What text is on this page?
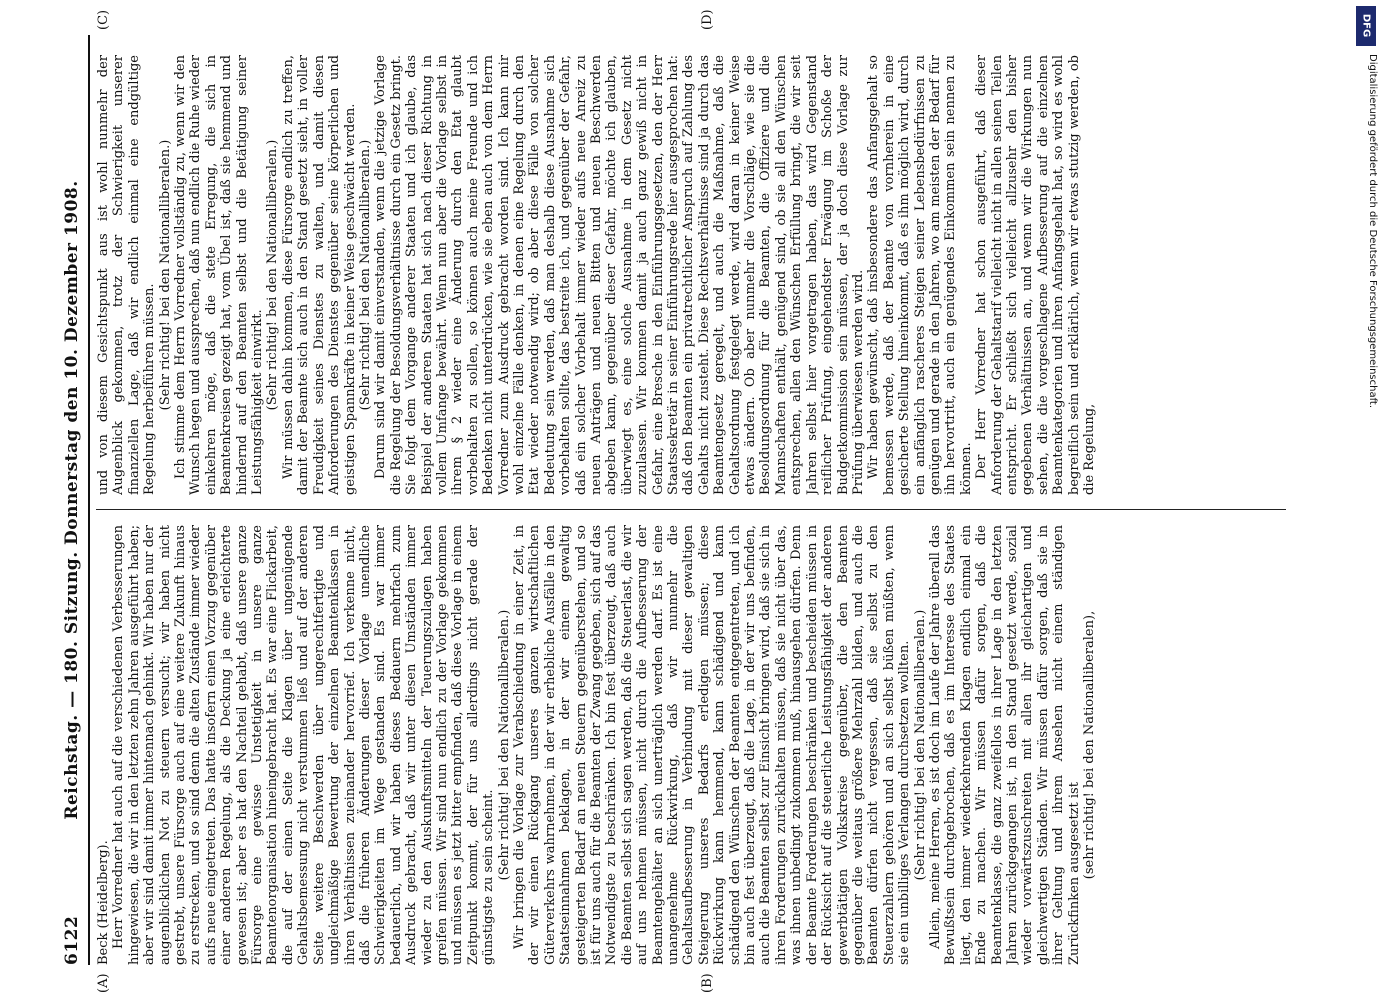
6122
Reichstag. — 180. Sitzung. Donnerstag den 10. Dezember 1908.

Beck (Heidelberg). Herr Vorredner hat auch auf die verschiedenen Verbesserungen hingewiesen, die wir in den letzten zehn Jahren ausgeführt haben; aber wir sind damit immer hintennach gehinkt. Wir haben nur der augenblicklichen Not zu steuern versucht; wir haben nicht gestrebt, unsere Fürsorge auch auf eine weitere Zukunft hinaus zu erstrecken, und so sind denn die alten Zustände immer wieder aufs neue eingetreten. Das hatte insofern einen Vorzug gegenüber einer anderen Regelung, als die Deckung ja eine erleichterte gewesen ist; aber es hat den Nachteil gehabt, daß unsere ganze Fürsorge eine gewisse Unstetigkeit in unsere ganze Beamtenorganisation hineingebracht hat. Es war eine Flickarbeit, die auf der einen Seite die Klagen über ungenügende Gehaltsbemessung nicht verstummen ließ und auf der anderen Seite weitere Beschwerden über ungerechtfertigte und ungleichmäßige Bewertung der einzelnen Beamtenklassen in ihren Verhältnissen zueinander hervorrief. Ich verkenne nicht, daß die früheren Änderungen dieser Vorlage unendliche Schwierigkeiten im Wege gestanden sind. Es war immer bedauerlich, und wir haben dieses Bedauern mehrfach zum Ausdruck gebracht, daß wir unter diesen Umständen immer wieder zu den Auskunftsmitteln der Teuerungszulagen haben greifen müssen. Wir sind nun endlich zu der Vorlage gekommen und müssen es jetzt bitter empfinden, daß diese Vorlage in einem Zeitpunkt kommt, der für uns allerdings nicht gerade der günstigste zu sein scheint. (Sehr richtig! bei den Nationalliberalen.) Wir bringen die Vorlage zur Verabschiedung in einer Zeit, in der wir einen Rückgang unseres ganzen wirtschaftlichen Güterverkehrs wahrnehmen, in der wir erhebliche Ausfälle in den Staatseinnahmen beklagen, in der wir einem gewaltig gesteigerten Bedarf an neuen Steuern gegenüberstehen, und so ist für uns auch für die Beamten der Zwang gegeben, sich auf das Notwendigste zu beschränken. Ich bin fest überzeugt, daß auch die Beamten selbst sich sagen werden, daß die Steuerlast, die wir auf uns nehmen müssen, nicht durch die Aufbesserung der Beamtengehälter an sich unerträglich werden darf. Es ist eine unangenehme Rückwirkung, daß wir nunmehr die Gehaltsaufbesserung in Verbindung mit dieser gewaltigen Steigerung unseres Bedarfs erledigen müssen; diese Rückwirkung kann hemmend, kann schädigend und kann schädigend den Wünschen der Beamten entgegentreten, und ich bin auch fest überzeugt, daß die Lage, in der wir uns befinden, auch die Beamten selbst zur Einsicht bringen wird, daß sie sich in ihren Forderungen zurückhalten müssen, daß sie nicht über das, was ihnen unbedingt zukommen muß, hinausgehen dürfen. Denn der Beamte Forderungen beschränken und bescheiden müssen in der Rücksicht auf die steuerliche Leistungsfähigkeit der anderen gewerbtätigen Volkskreise gegenüber, die den Beamten gegenüber die weitaus größere Mehrzahl bilden, und auch die Beamten dürfen nicht vergessen, daß sie selbst zu den Steuerzahlern gehören und an sich selbst büßen müßten, wenn sie ein unbilliges Verlangen durchsetzen wollten. (Sehr richtig! bei den Nationalliberalen.) Allein, meine Herren, es ist doch im Laufe der Jahre überall das Bewußtsein durchgebrochen, daß es im Interesse des Staates liegt, den immer wiederkehrenden Klagen endlich einmal ein Ende zu machen. Wir müssen dafür sorgen, daß die Beamtenklasse, die ganz zweifellos in ihrer Lage in den letzten Jahren zurückgegangen ist, in den Stand gesetzt werde, sozial wieder vorwärtszuschreiten mit allen ihr gleichartigen und gleichwertigen Ständen. Wir müssen dafür sorgen, daß sie in ihrer Geltung und ihrem Ansehen nicht einem ständigen Zurückfinken ausgesetzt ist (sehr richtig! bei den Nationalliberalen),

und von diesem Gesichtspunkt aus ist wohl nunmehr der Augenblick gekommen, trotz der Schwierigkeit unserer finanziellen Lage, daß wir endlich einmal eine endgültige Regelung herbeiführen müssen. (Sehr richtig! bei den Nationalliberalen.) Ich stimme dem Herrn Vorredner vollständig zu, wenn wir den Wunsch hegen und aussprechen, daß nun endlich die Ruhe wieder einkehren möge, daß die stete Erregung, die sich in Beamtenkreisen gezeigt hat, vom Übel ist, daß sie hemmend und hindernd auf den Beamten selbst und die Betätigung seiner Leistungsfähigkeit einwirkt. (Sehr richtig! bei den Nationalliberalen.) Wir müssen dahin kommen, diese Fürsorge endlich zu treffen, damit der Beamte sich auch in den Stand gesetzt sieht, in voller Freudigkeit seines Dienstes zu walten, und damit diesen Anforderungen des Dienstes gegenüber seine körperlichen und geistigen Spannkräfte in keiner Weise geschwächt werden. (Sehr richtig! bei den Nationalliberalen.) Darum sind wir damit einverstanden, wenn die jetzige Vorlage die Regelung der Besoldungsverhältnisse durch ein Gesetz bringt. Sie folgt dem Vorgange anderer Staaten und ich glaube, das Beispiel der anderen Staaten hat sich nach dieser Richtung in vollem Umfange bewährt. Wenn nun aber die Vorlage selbst in ihrem § 2 wieder eine Änderung durch den Etat glaubt vorbehalten zu sollen, so können auch meine Freunde und ich Bedenken nicht unterdrücken, wie sie eben auch von dem Herrn Vorredner zum Ausdruck gebracht worden sind. Ich kann mir wohl einzelne Fälle denken, in denen eine Regelung durch den Etat wieder notwendig wird; ob aber diese Fälle von solcher Bedeutung sein werden, daß man deshalb diese Ausnahme sich vorbehalten sollte, das bestreite ich, und gegenüber der Gefahr, daß ein solcher Vorbehalt immer wieder aufs neue Anreiz zu neuen Anträgen und neuen Bitten und neuen Beschwerden abgeben kann, gegenüber dieser Gefahr, möchte ich glauben, überwiegt es, eine solche Ausnahme in dem Gesetz nicht zuzulassen. Wir kommen damit ja auch ganz gewiß nicht in Gefahr, eine Bresche in den Einführungsgesetzen, den der Herr Staatssekretär in seiner Einführungsrede hier ausgesprochen hat: daß den Beamten ein privatrechtlicher Anspruch auf Zahlung des Gehalts nicht zusteht. Diese Rechtsverhältnisse sind ja durch das Beamtengesetz geregelt, und auch die Maßnahme, daß die Gehaltsordnung festgelegt werde, wird daran in keiner Weise etwas ändern. Ob aber nunmehr die Vorschläge, wie sie die Besoldungsordnung für die Beamten, die Offiziere und die Mannschaften enthält, genügend sind, ob sie all den Wünschen entsprechen, allen den Wünschen Erfüllung bringt, die wir seit Jahren selbst hier vorgetragen haben, das wird Gegenstand reiflicher Prüfung, eingehendster Erwägung im Schoße der Budgetkommission sein müssen, der ja doch diese Vorlage zur Prüfung überwiesen werden wird. Wir haben gewünscht, daß insbesondere das Anfangsgehalt so bemessen werde, daß der Beamte von vornherein in eine gesicherte Stellung hineinkommt, daß es ihm möglich wird, durch ein anfänglich rascheres Steigen seiner Lebensbedürfnissen zu genügen und gerade in den Jahren, wo am meisten der Bedarf für ihn hervortritt, auch ein genügendes Einkommen sein nennen zu können. Der Herr Vorredner hat schon ausgeführt, daß dieser Anforderung der Gehaltstarif vielleicht nicht in allen seinen Teilen entspricht. Er schließt sich vielleicht allzusehr den bisher gegebenen Verhältnissen an, und wenn wir die Wirkungen nun sehen, die die vorgeschlagene Aufbesserung auf die einzelnen Beamtenkategorien und ihren Anfangsgehalt hat, so wird es wohl begreiflich sein und erklärlich, wenn wir etwas stutzig werden, ob die Regelung,

(A)	(B)
(C)	(D)	DFG
Digitalisierung gefördert durch die Deutsche Forschungsgemeinschaft.
